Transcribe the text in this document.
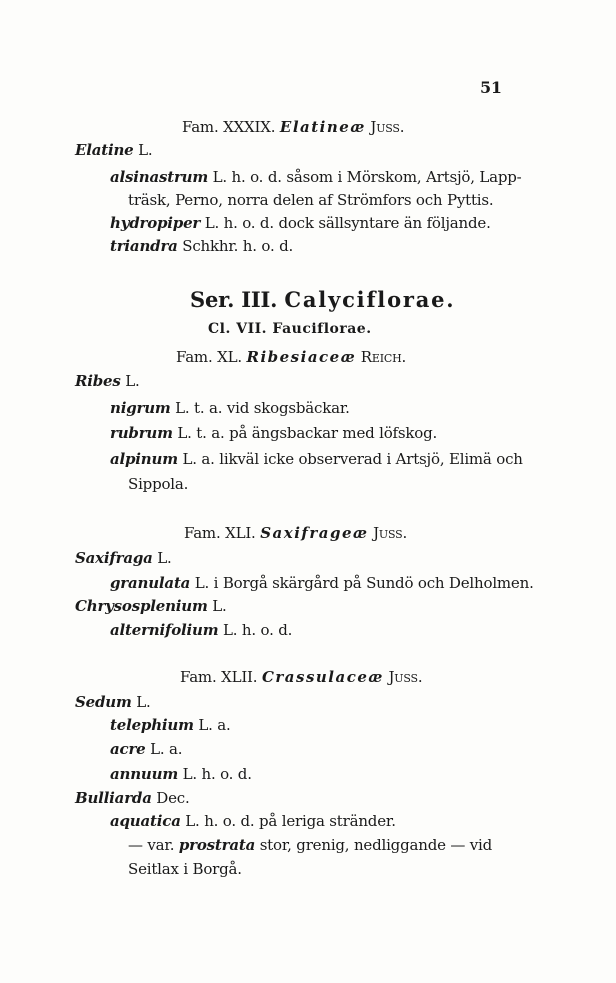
51
Fam. XXXIX. Elatineæ Juss.
Elatine L.
alsinastrum L. h. o. d. såsom i Mörskom, Artsjö, Lapp-
träsk, Perno, norra delen af Strömfors och Pyttis.
hydropiper L. h. o. d. dock sällsyntare än följande.
triandra Schkhr. h. o. d.
Ser. III. Calyciflorae.
Cl. VII. Fauciflorae.
Fam. XL. Ribesiaceæ Reich.
Ribes L.
nigrum L. t. a. vid skogsbäckar.
rubrum L. t. a. på ängsbackar med löfskog.
alpinum L. a. likväl icke observerad i Artsjö, Elimä och
Sippola.
Fam. XLI. Saxifrageæ Juss.
Saxifraga L.
granulata L. i Borgå skärgård på Sundö och Delholmen.
Chrysosplenium L.
alternifolium L. h. o. d.
Fam. XLII. Crassulaceæ Juss.
Sedum L.
telephium L. a.
acre L. a.
annuum L. h. o. d.
Bulliarda Dec.
aquatica L. h. o. d. på leriga stränder.
— var. prostrata stor, grenig, nedliggande — vid
Seitlax i Borgå.
